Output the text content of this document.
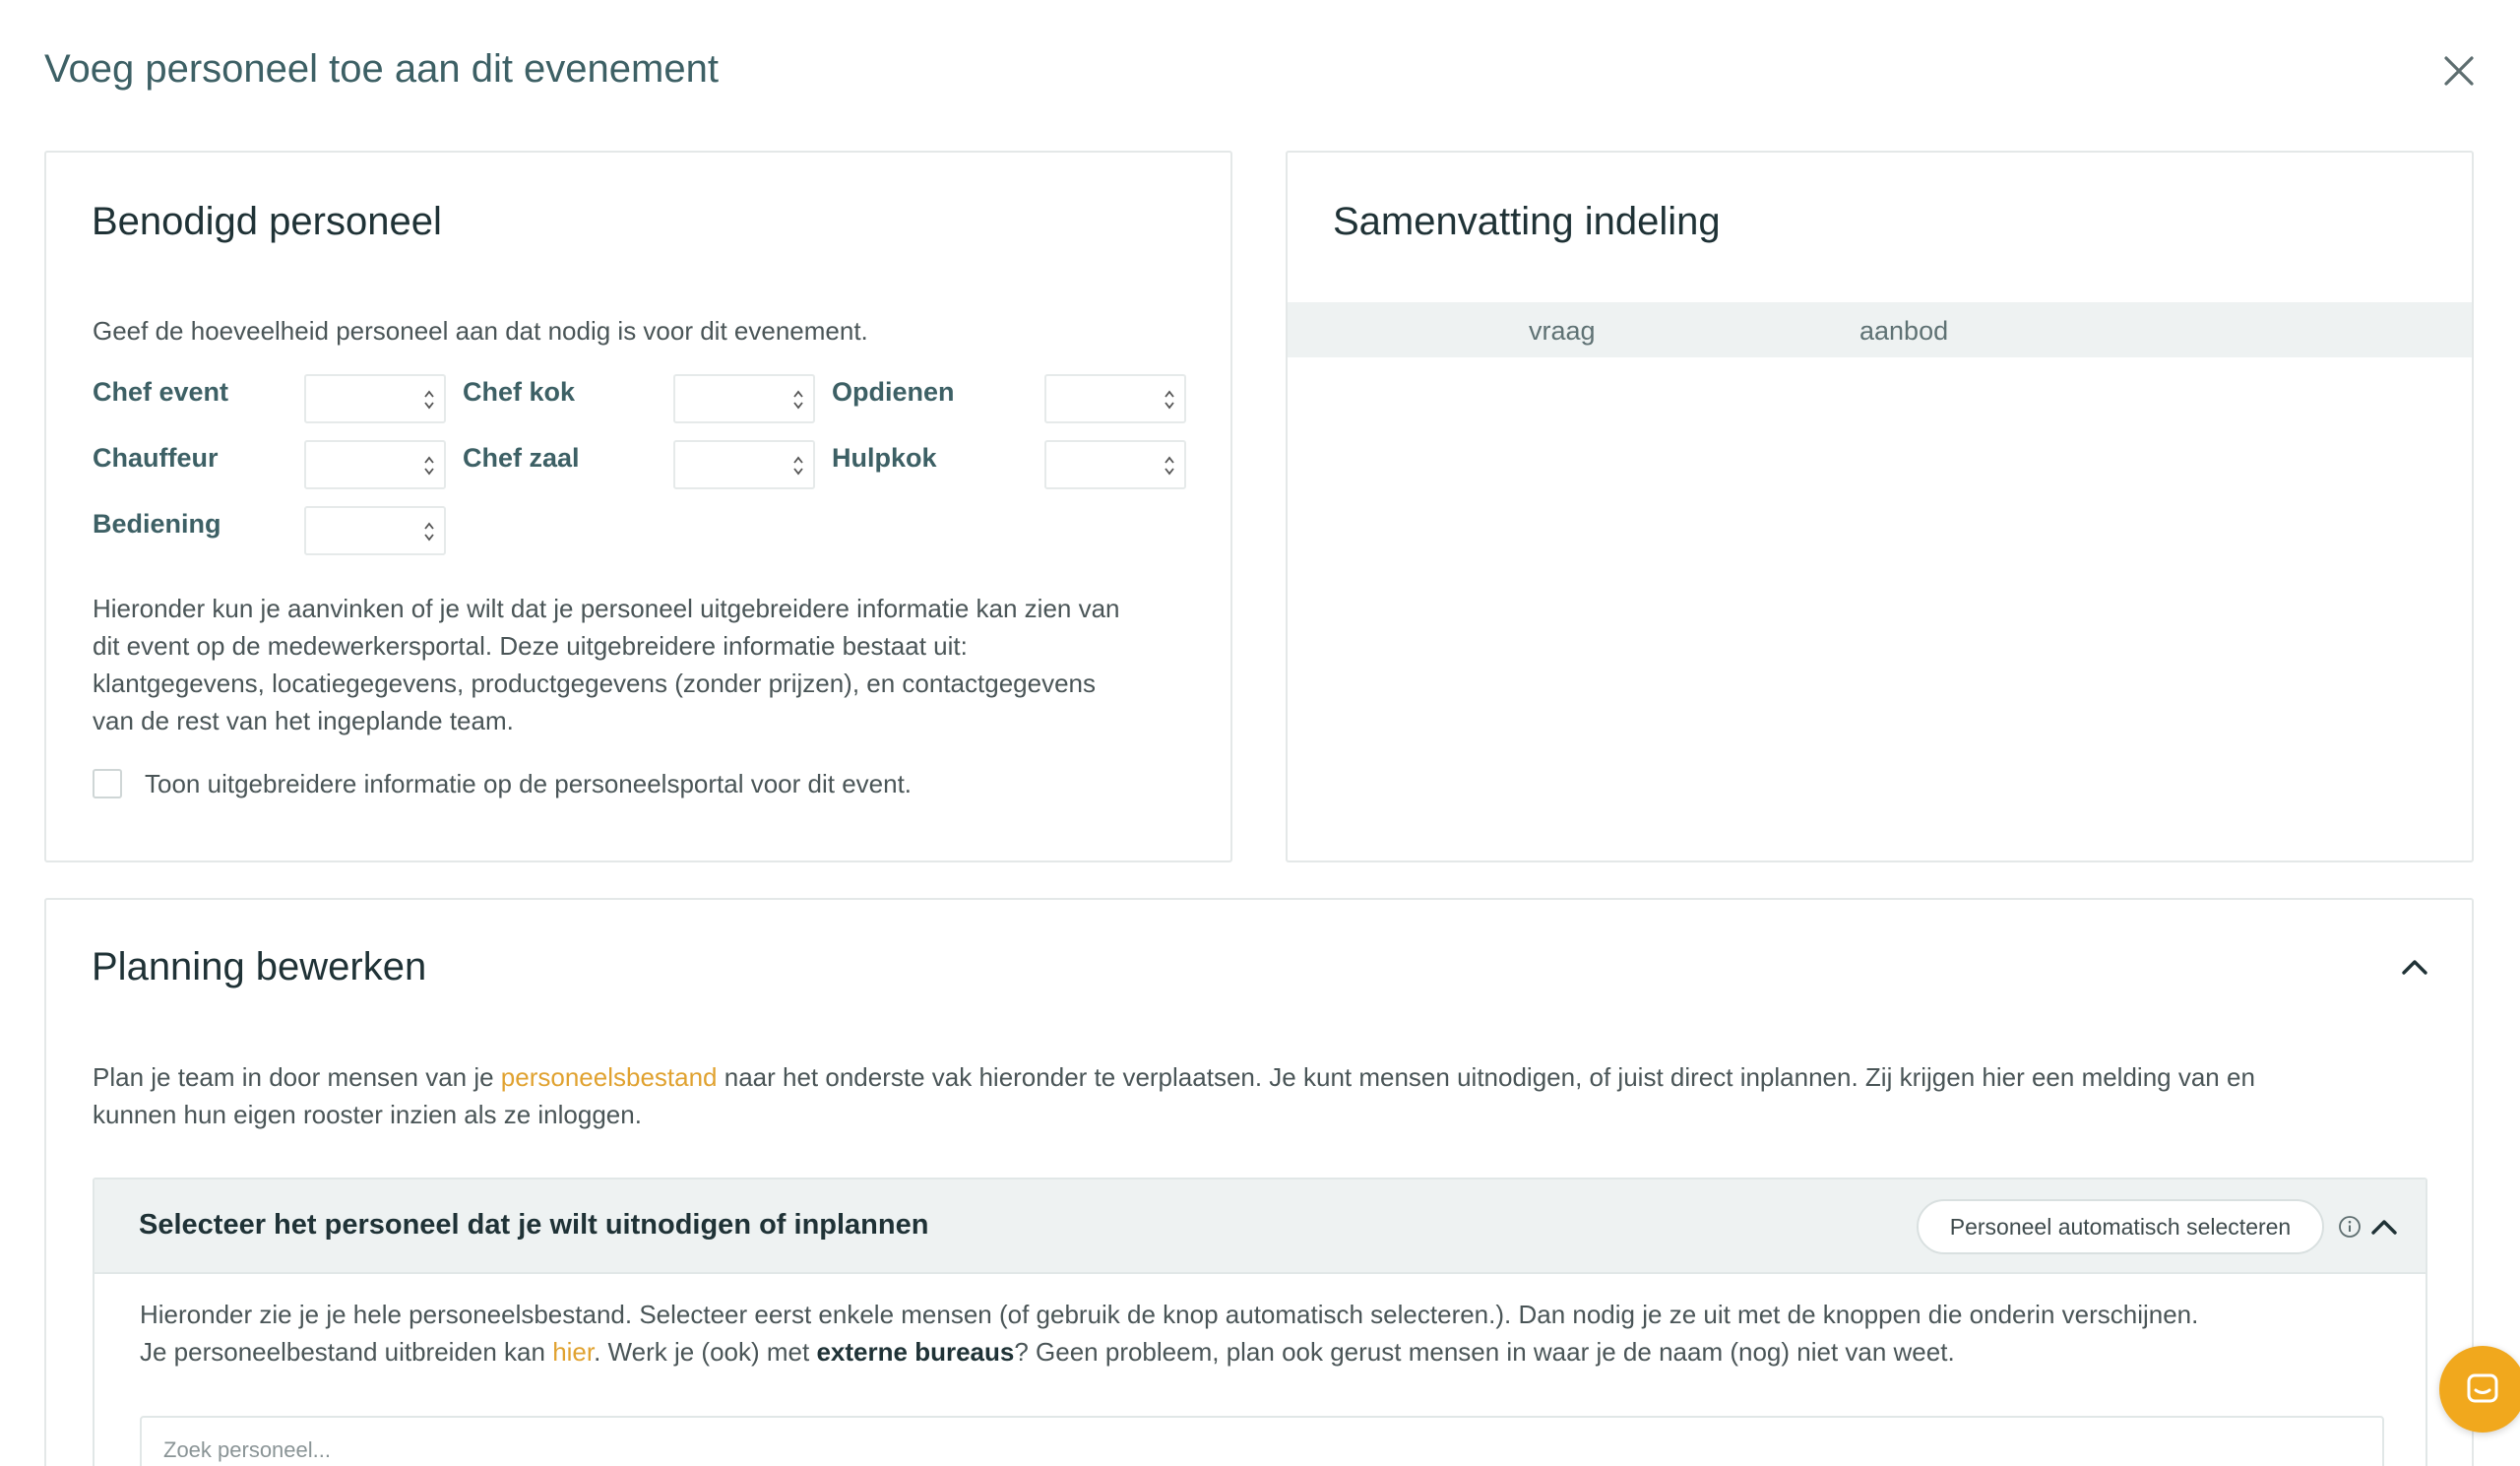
Voeg personeel toe aan dit evenement
Benodigd personeel

Geef de hoeveelheid personeel aan dat nodig is voor dit evenement.

Chef event	Chef kok	Opdienen
Chauffeur	Chef zaal	Hulpkok
Bediening
Hieronder kun je aanvinken of je wilt dat je personeel uitgebreidere informatie kan zien van
dit event op de medewerkersportal. Deze uitgebreidere informatie bestaat uit:
klantgegevens, locatiegegevens, productgegevens (zonder prijzen), en contactgegevens
van de rest van het ingeplande team.
Toon uitgebreidere informatie op de personeelsportal voor dit event.
Samenvatting indeling
vraag	aanbod
Planning bewerken
Plan je team in door mensen van je personeelsbestand naar het onderste vak hieronder te verplaatsen. Je kunt mensen uitnodigen, of juist direct inplannen. Zij krijgen hier een melding van en
kunnen hun eigen rooster inzien als ze inloggen.
Selecteer het personeel dat je wilt uitnodigen of inplannen	Personeel automatisch selecteren
Hieronder zie je je hele personeelsbestand. Selecteer eerst enkele mensen (of gebruik de knop automatisch selecteren.). Dan nodig je ze uit met de knoppen die onderin verschijnen.
Je personeelbestand uitbreiden kan hier. Werk je (ook) met externe bureaus? Geen probleem, plan ook gerust mensen in waar je de naam (nog) niet van weet.
Zoek personeel...
